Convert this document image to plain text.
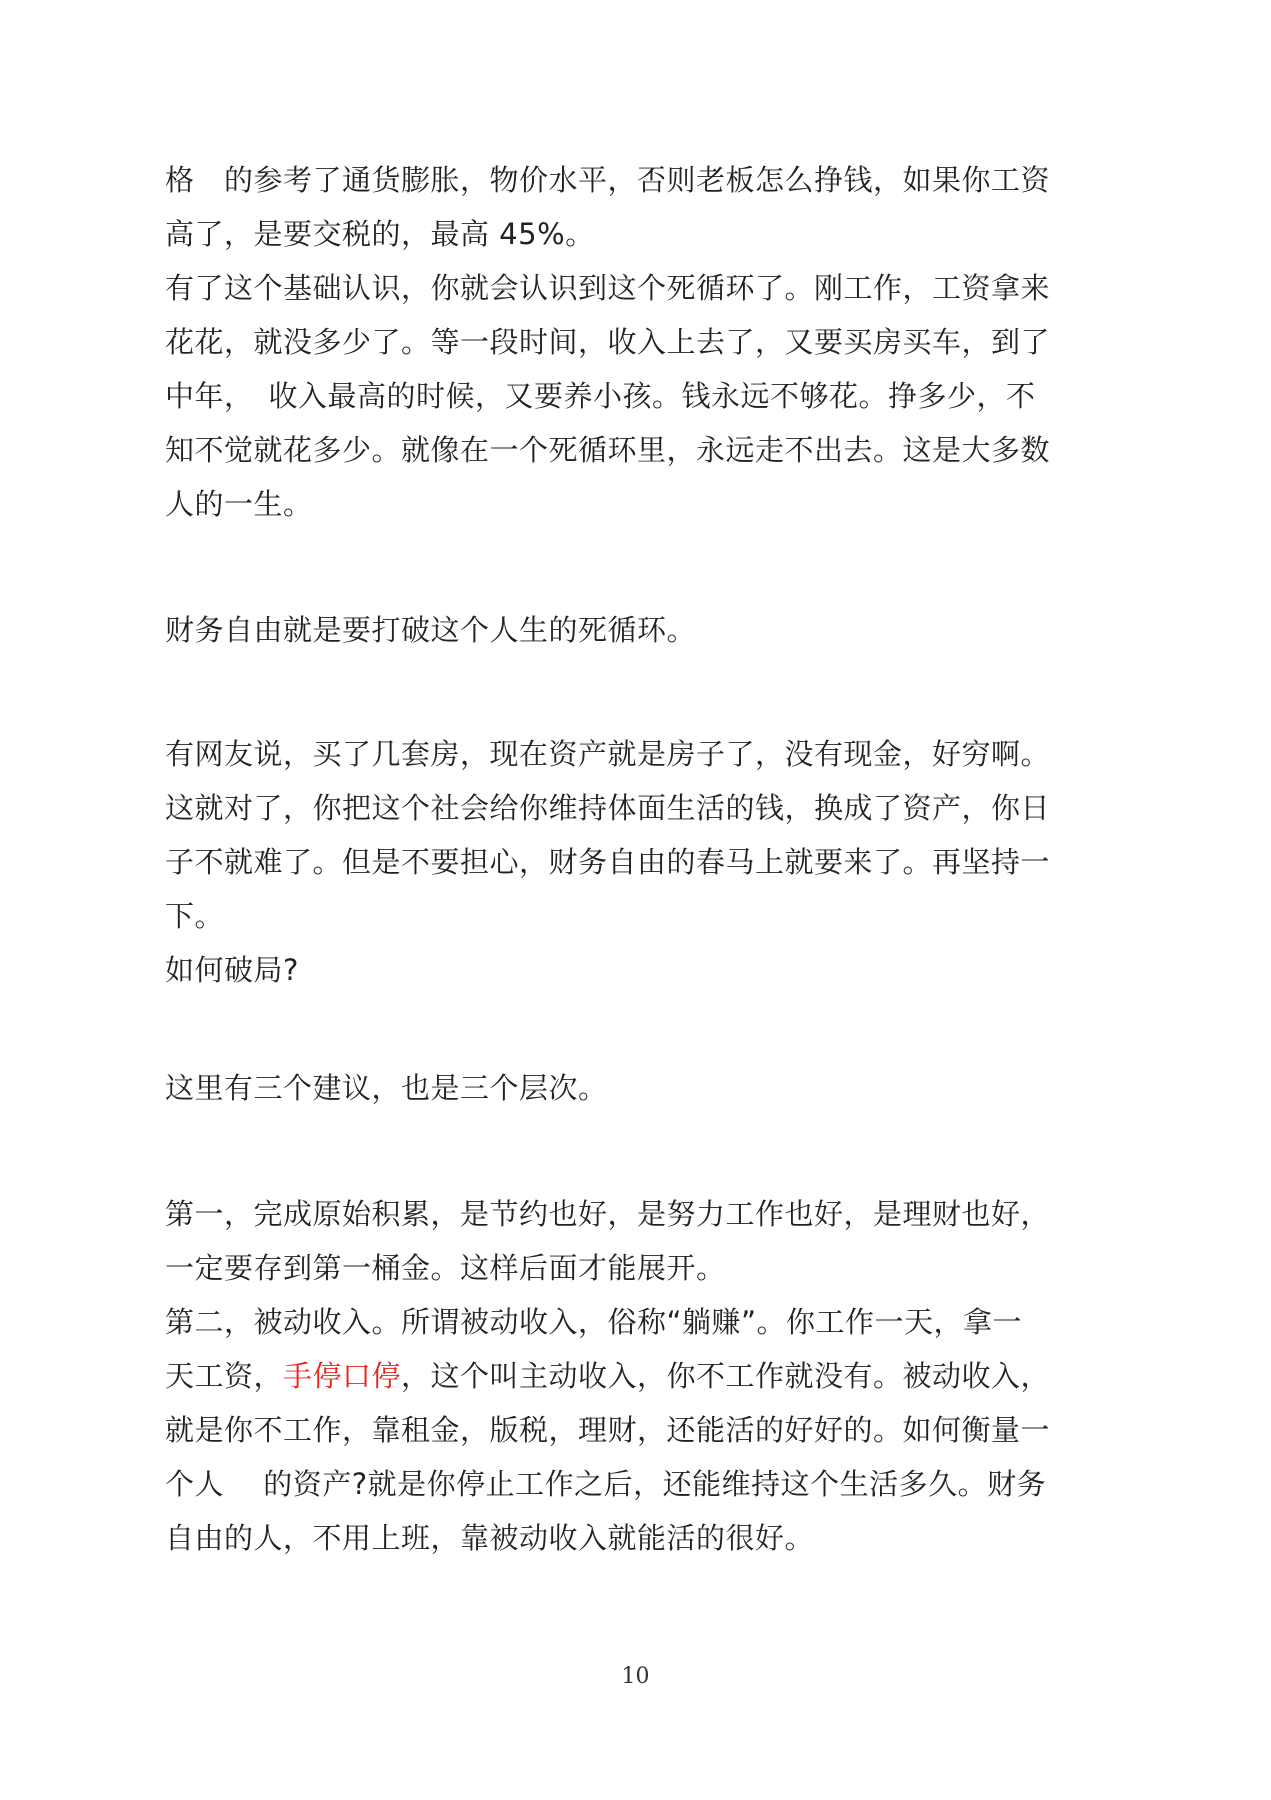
格　的参考了通货膨胀，物价水平，否则老板怎么挣钱，如果你工资
高了，是要交税的，最高 45%。
有了这个基础认识，你就会认识到这个死循环了。刚工作，工资拿来
花花，就没多少了。等一段时间，收入上去了，又要买房买车，到了
中年，　收入最高的时候，又要养小孩。钱永远不够花。挣多少，不
知不觉就花多少。就像在一个死循环里，永远走不出去。这是大多数
人的一生。
财务自由就是要打破这个人生的死循环。
有网友说，买了几套房，现在资产就是房子了，没有现金，好穷啊。
这就对了，你把这个社会给你维持体面生活的钱，换成了资产，你日
子不就难了。但是不要担心，财务自由的春马上就要来了。再坚持一
下。
如何破局?
这里有三个建议，也是三个层次。
第一，完成原始积累，是节约也好，是努力工作也好，是理财也好，
一定要存到第一桶金。这样后面才能展开。
第二，被动收入。所谓被动收入，俗称“躺赚”。你工作一天，拿一
天工资，手停口停，这个叫主动收入，你不工作就没有。被动收入，
就是你不工作，靠租金，版税，理财，还能活的好好的。如何衡量一
个人　 的资产?就是你停止工作之后，还能维持这个生活多久。财务
自由的人，不用上班，靠被动收入就能活的很好。
10
